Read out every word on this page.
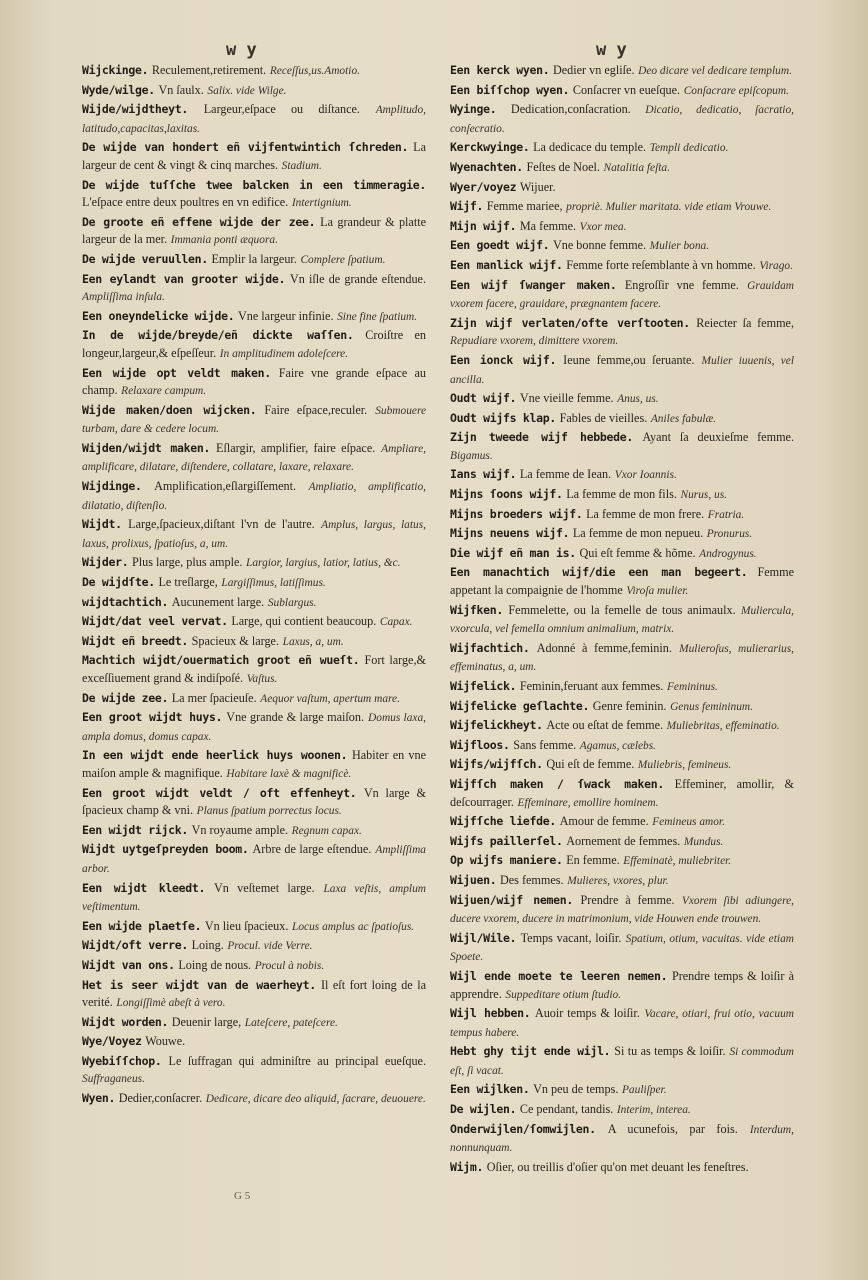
w y	w y

Wijckinge. Reculement,retirement. Receſſus,us.Amotio.

Wyde/wilge. Vn ſaulx. Salix. vide Wilge.

Wijde/wijdtheyt. Largeur,eſpace ou diſtance. Amplitudo, latitudo,capacitas,laxitas.

De wijde van hondert eñ vijfentwintich ſchreden. La largeur de cent & vingt & cinq marches. Stadium.

De wijde tuſſche twee balcken in een timmeragie. L'eſpace entre deux poultres en vn edifice. Intertignium.

De groote eñ effene wijde der zee. La grandeur & platte largeur de la mer. Immania ponti æquora.

De wijde veruullen. Emplir la largeur. Complere ſpatium.

Een eylandt van grooter wijde. Vn iſle de grande eſtendue. Ampliſſima inſula.

Een oneyndelicke wijde. Vne largeur infinie. Sine fine ſpatium.

In de wijde/breyde/eñ dickte waſſen. Croiſtre en longeur,largeur,& eſpeſſeur. In amplitudinem adoleſcere.

Een wijde opt veldt maken. Faire vne grande eſpace au champ. Relaxare campum.

Wijde maken/doen wijcken. Faire eſpace,reculer. Submouere turbam, dare & cedere locum.

Wijden/wijdt maken. Eſlargir, amplifier, faire eſpace. Ampliare, amplificare, dilatare, diſtendere, collatare, laxare, relaxare.

Wijdinge. Amplification,eſlargiſſement. Ampliatio, amplificatio, dilatatio, diſtenſio.

Wijdt. Large,ſpacieux,diſtant l'vn de l'autre. Amplus, largus, latus, laxus, prolixus, ſpatioſus, a, um.

Wijder. Plus large, plus ample. Largior, largius, latior, latius, &c.

De wijdſte. Le treſlarge, Largiſſimus, latiſſimus.

wijdtachtich. Aucunement large. Sublargus.

Wijdt/dat veel vervat. Large, qui contient beaucoup. Capax.

Wijdt eñ breedt. Spacieux & large. Laxus, a, um.

Machtich wijdt/ouermatich groot eñ wueſt. Fort large,& exceſſiuement grand & indiſpoſé. Vaſtus.

De wijde zee. La mer ſpacieuſe. Aequor vaſtum, apertum mare.

Een groot wijdt huys. Vne grande & large maiſon. Domus laxa, ampla domus, domus capax.

In een wijdt ende heerlick huys woonen. Habiter en vne maiſon ample & magnifique. Habitare laxè & magnificè.

Een groot wijdt veldt / oft effenheyt. Vn large & ſpacieux champ & vni. Planus ſpatium porrectus locus.

Een wijdt rijck. Vn royaume ample. Regnum capax.

Wijdt uytgeſpreyden boom. Arbre de large eſtendue. Ampliſſima arbor.

Een wijdt kleedt. Vn veſtemet large. Laxa veſtis, amplum veſtimentum.

Een wijde plaetſe. Vn lieu ſpacieux. Locus amplus ac ſpatioſus.

Wijdt/oft verre. Loing. Procul. vide Verre.

Wijdt van ons. Loing de nous. Procul à nobis.

Het is seer wijdt van de waerheyt. Il eſt fort loing de la verité. Longiſſimè abeſt à vero.

Wijdt worden. Deuenir large, Lateſcere, pateſcere.

Wye/Voyez Wouwe.

Wyebiſſchop. Le ſuffragan qui adminiſtre au principal eueſque. Suffraganeus.

Wyen. Dedier,conſacrer. Dedicare, dicare deo aliquid, ſacrare, deuouere.

Een kerck wyen. Dedier vn egliſe. Deo dicare vel dedicare templum.

Een biſſchop wyen. Conſacrer vn eueſque. Conſacrare epiſcopum.

Wyinge. Dedication,conſacration. Dicatio, dedicatio, ſacratio, conſecratio.

Kerckwyinge. La dedicace du temple. Templi dedicatio.

Wyenachten. Feſtes de Noel. Natalitia feſta.

Wyer/voyez Wijuer.

Wijf. Femme mariee, propriè. Mulier maritata. vide etiam Vrouwe.

Mijn wijf. Ma femme. Vxor mea.

Een goedt wijf. Vne bonne femme. Mulier bona.

Een manlick wijf. Femme forte reſemblante à vn homme. Virago.

Een wijf ſwanger maken. Engroſſir vne femme. Grauidam vxorem facere, grauidare, prægnantem facere.

Zijn wijf verlaten/ofte verſtooten. Reiecter ſa femme, Repudiare vxorem, dimittere vxorem.

Een ionck wijf. Ieune femme,ou ſeruante. Mulier iuuenis, vel ancilla.

Oudt wijf. Vne vieille femme. Anus, us.

Oudt wijfs klap. Fables de vieilles. Aniles fabulæ.

Zijn tweede wijf hebbede. Ayant ſa deuxieſme femme. Bigamus.

Ians wijf. La femme de Iean. Vxor Ioannis.

Mijns ſoons wijf. La femme de mon fils. Nurus, us.

Mijns broeders wijf. La femme de mon frere. Fratria.

Mijns neuens wijf. La femme de mon nepueu. Pronurus.

Die wijf eñ man is. Qui eſt femme & hõme. Androgynus.

Een manachtich wijf/die een man begeert. Femme appetant la compaignie de l'homme Viroſa mulier.

Wijfken. Femmelette, ou la femelle de tous animaulx. Muliercula, vxorcula, vel femella omnium animalium, matrix.

Wijfachtich. Adonné à femme,feminin. Mulieroſus, mulierarius, effeminatus, a, um.

Wijfelick. Feminin,feruant aux femmes. Femininus.

Wijfelicke geſlachte. Genre feminin. Genus femininum.

Wijfelickheyt. Acte ou eſtat de femme. Muliebritas, effeminatio.

Wijfloos. Sans femme. Agamus, cælebs.

Wijfs/wijfſch. Qui eſt de femme. Muliebris, femineus.

Wijfſch maken / ſwack maken. Effeminer, amollir, & deſcourrager. Effeminare, emollire hominem.

Wijfſche liefde. Amour de femme. Femineus amor.

Wijfs paillerſel. Aornement de femmes. Mundus.

Op wijfs maniere. En femme. Effeminatè, muliebriter.

Wijuen. Des femmes. Mulieres, vxores, plur.

Wijuen/wijf nemen. Prendre à femme. Vxorem ſibi adiungere, ducere vxorem, ducere in matrimonium, vide Houwen ende trouwen.

Wijl/Wile. Temps vacant, loiſir. Spatium, otium, vacuitas. vide etiam Spoete.

Wijl ende moete te leeren nemen. Prendre temps & loiſir à apprendre. Suppeditare otium ſtudio.

Wijl hebben. Auoir temps & loiſir. Vacare, otiari, frui otio, vacuum tempus habere.

Hebt ghy tijt ende wijl. Si tu as temps & loiſir. Si commodum eſt, ſi vacat.

Een wijlken. Vn peu de temps. Pauliſper.

De wijlen. Ce pendant, tandis. Interim, interea.

Onderwijlen/ſomwijlen. A ucunefois, par fois. Interdum, nonnunquam.

Wijm. Oſier, ou treillis d'oſier qu'on met deuant les feneſtres.

G 5
